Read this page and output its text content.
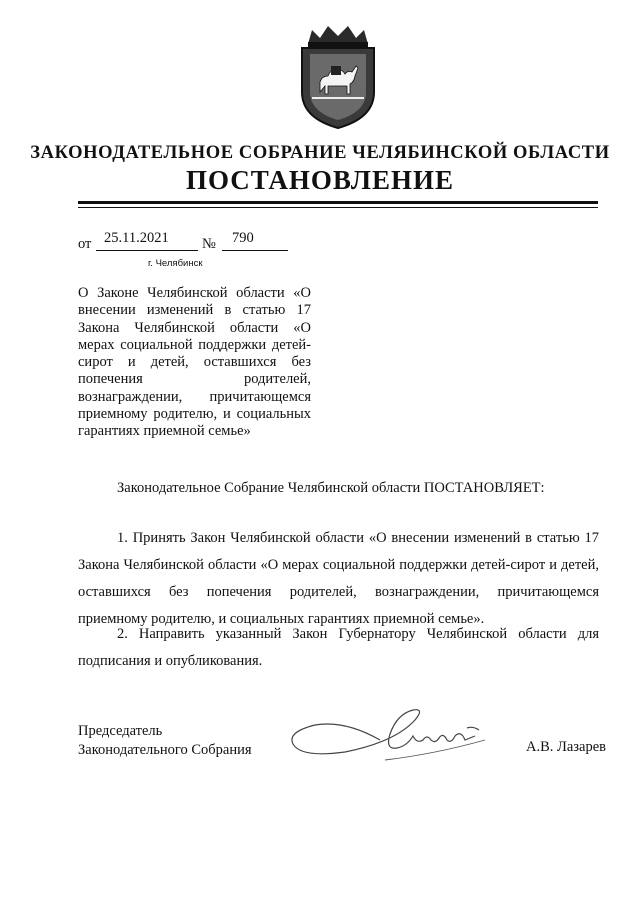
ЗАКОНОДАТЕЛЬНОЕ СОБРАНИЕ ЧЕЛЯБИНСКОЙ ОБЛАСТИ
ПОСТАНОВЛЕНИЕ
от 25.11.2021 № 790
г. Челябинск
О Законе Челябинской области «О внесении изменений в статью 17 Закона Челябинской области «О мерах социальной поддержки детей-сирот и детей, оставшихся без попечения родителей, вознаграждении, причитающемся приемному родителю, и социальных гарантиях приемной семье»
Законодательное Собрание Челябинской области ПОСТАНОВЛЯЕТ:
1. Принять Закон Челябинской области «О внесении изменений в статью 17 Закона Челябинской области «О мерах социальной поддержки детей-сирот и детей, оставшихся без попечения родителей, вознаграждении, причитающемся приемному родителю, и социальных гарантиях приемной семье».
2. Направить указанный Закон Губернатору Челябинской области для подписания и опубликования.
Председатель
Законодательного Собрания	А.В. Лазарев
